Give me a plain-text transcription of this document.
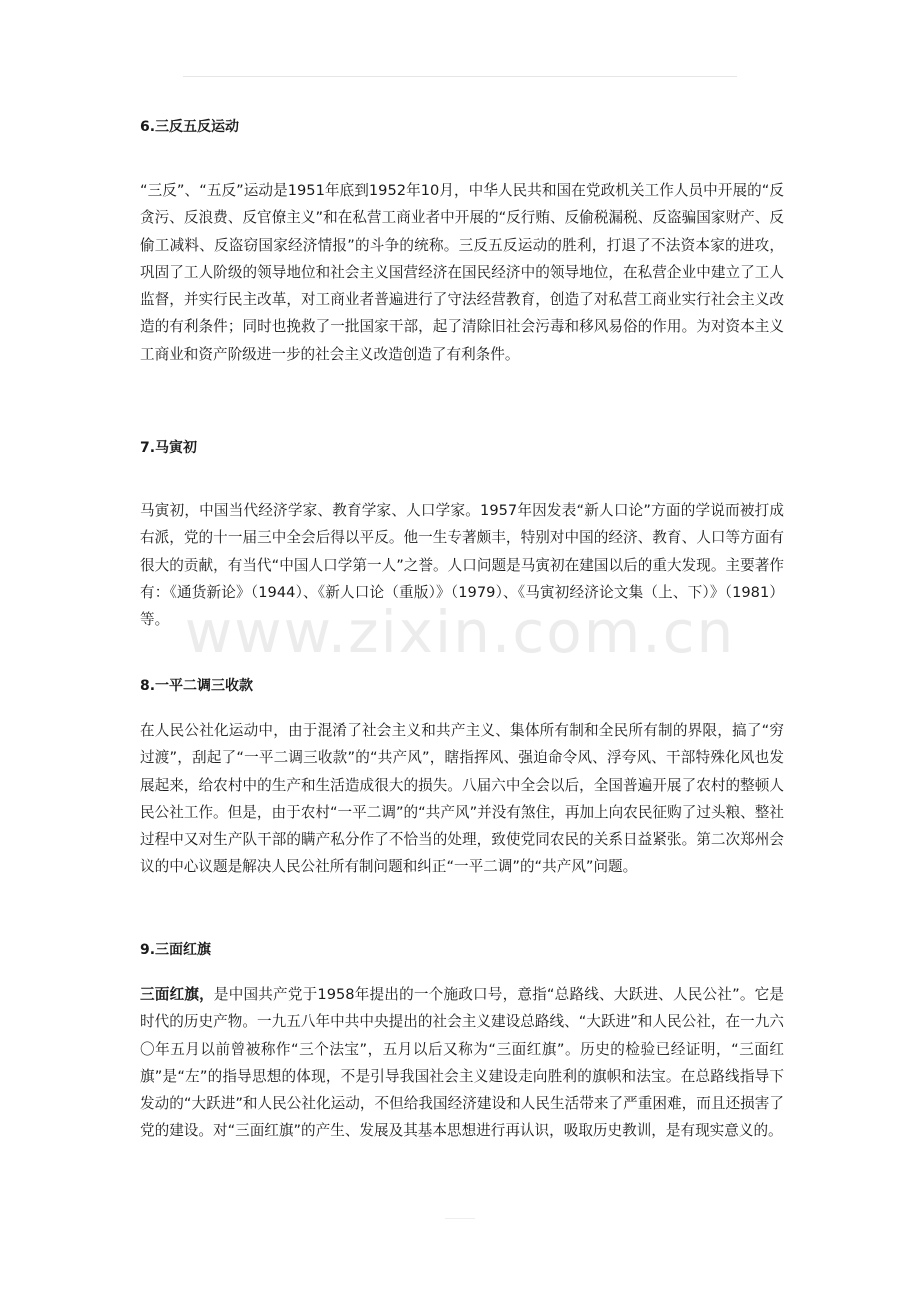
www.zixin.com.cn
6.三反五反运动

“三反”、“五反”运动是1951年底到1952年10月，中华人民共和国在党政机关工作人员中开展的“反贪污、反浪费、反官僚主义”和在私营工商业者中开展的“反行贿、反偷税漏税、反盗骗国家财产、反偷工减料、反盗窃国家经济情报”的斗争的统称。三反五反运动的胜利，打退了不法资本家的进攻，巩固了工人阶级的领导地位和社会主义国营经济在国民经济中的领导地位，在私营企业中建立了工人监督，并实行民主改革，对工商业者普遍进行了守法经营教育，创造了对私营工商业实行社会主义改造的有利条件；同时也挽救了一批国家干部，起了清除旧社会污毒和移风易俗的作用。为对资本主义工商业和资产阶级进一步的社会主义改造创造了有利条件。

7.马寅初

马寅初，中国当代经济学家、教育学家、人口学家。1957年因发表“新人口论”方面的学说而被打成右派，党的十一届三中全会后得以平反。他一生专著颇丰，特别对中国的经济、教育、人口等方面有很大的贡献，有当代“中国人口学第一人”之誉。人口问题是马寅初在建国以后的重大发现。主要著作有：《通货新论》（1944）、《新人口论（重版）》（1979）、《马寅初经济论文集（上、下）》（1981）等。

8.一平二调三收款

在人民公社化运动中，由于混淆了社会主义和共产主义、集体所有制和全民所有制的界限，搞了“穷过渡”，刮起了“一平二调三收款”的“共产风”，瞎指挥风、强迫命令风、浮夸风、干部特殊化风也发展起来，给农村中的生产和生活造成很大的损失。八届六中全会以后，全国普遍开展了农村的整顿人民公社工作。但是，由于农村“一平二调”的“共产风”并没有煞住，再加上向农民征购了过头粮、整社过程中又对生产队干部的瞒产私分作了不恰当的处理，致使党同农民的关系日益紧张。第二次郑州会议的中心议题是解决人民公社所有制问题和纠正“一平二调”的“共产风”问题。

9.三面红旗

三面红旗，是中国共产党于1958年提出的一个施政口号，意指“总路线、大跃进、人民公社”。它是时代的历史产物。一九五八年中共中央提出的社会主义建设总路线、“大跃进”和人民公社，在一九六〇年五月以前曾被称作“三个法宝”，五月以后又称为“三面红旗”。历史的检验已经证明，“三面红旗”是“左”的指导思想的体现，不是引导我国社会主义建设走向胜利的旗帜和法宝。在总路线指导下发动的“大跃进”和人民公社化运动，不但给我国经济建设和人民生活带来了严重困难，而且还损害了党的建设。对“三面红旗”的产生、发展及其基本思想进行再认识，吸取历史教训，是有现实意义的。
